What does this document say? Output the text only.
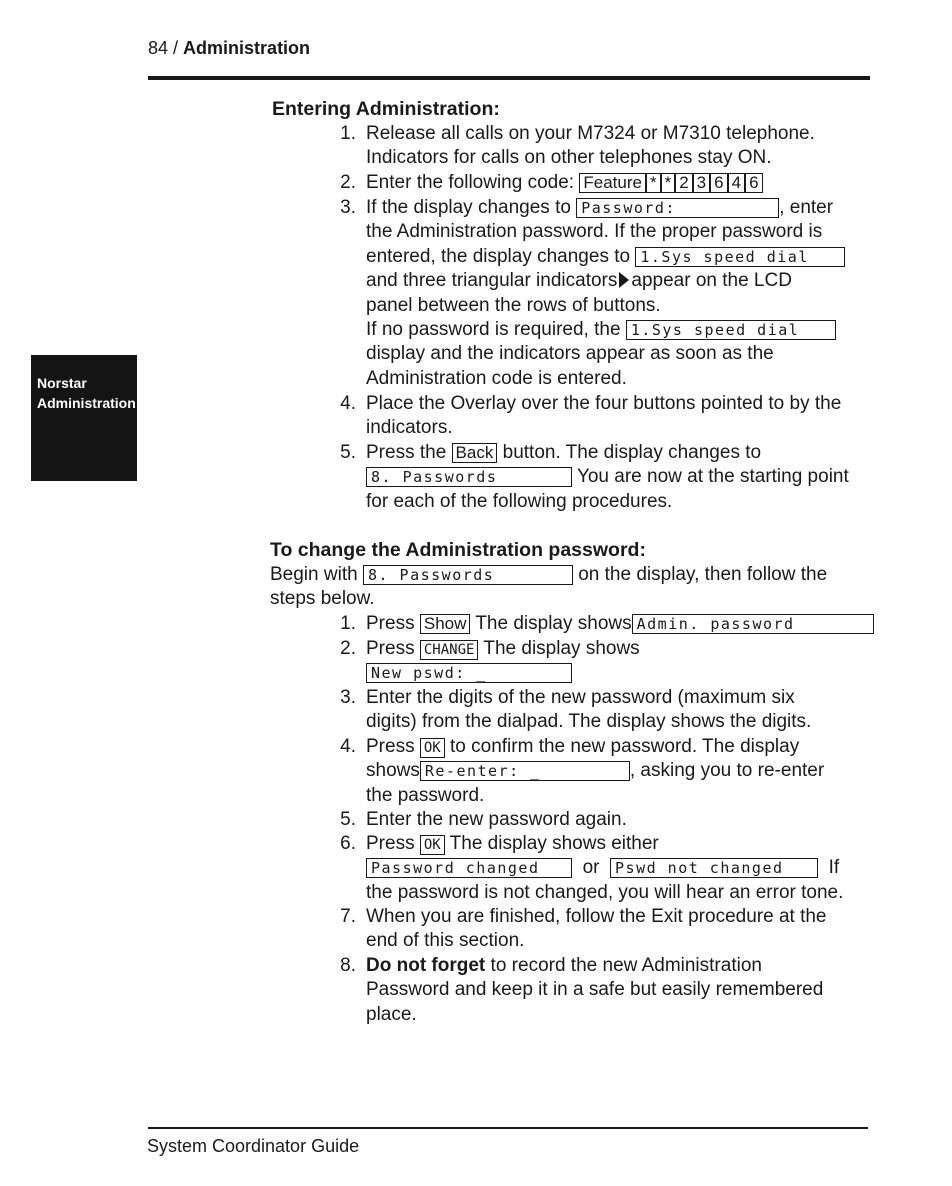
84 / Administration
Norstar
Administration
Entering Administration:
1. Release all calls on your M7324 or M7310 telephone.
Indicators for calls on other telephones stay ON.
2. Enter the following code: Feature * * 2 3 6 4 6
3. If the display changes to Password:	, enter
the Administration password. If the proper password is
entered, the display changes to 1.Sys speed dial
and three triangular indicators appear on the LCD
panel between the rows of buttons.
If no password is required, the 1.Sys speed dial
display and the indicators appear as soon as the
Administration code is entered.
4. Place the Overlay over the four buttons pointed to by the
indicators.
5. Press the Back button. The display changes to
8. Passwords	You are now at the starting point
for each of the following procedures.
To change the Administration password:
Begin with 8. Passwords	on the display, then follow the
steps below.
1. Press Show The display shows Admin. password
2. Press CHANGE The display shows
New pswd: _
3. Enter the digits of the new password (maximum six
digits) from the dialpad. The display shows the digits.
4. Press OK to confirm the new password. The display
shows Re-enter: _	, asking you to re-enter
the password.
5. Enter the new password again.
6. Press OK The display shows either
Password changed or Pswd not changed If
the password is not changed, you will hear an error tone.
7. When you are finished, follow the Exit procedure at the
end of this section.
8. Do not forget to record the new Administration
Password and keep it in a safe but easily remembered
place.
System Coordinator Guide
